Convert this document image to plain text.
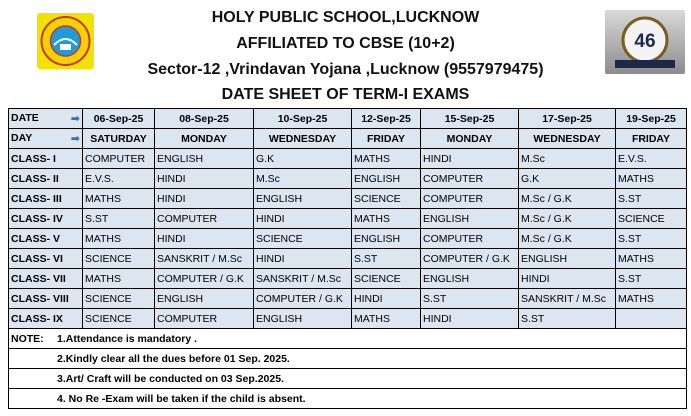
46
HOLY PUBLIC SCHOOL,LUCKNOW
AFFILIATED TO CBSE (10+2)
Sector-12 ,Vrindavan Yojana ,Lucknow (9557979475)
DATE SHEET OF TERM-I EXAMS
DATE ➡	06-Sep-25	08-Sep-25	10-Sep-25	12-Sep-25	15-Sep-25	17-Sep-25	19-Sep-25
DAY ➡	SATURDAY	MONDAY	WEDNESDAY	FRIDAY	MONDAY	WEDNESDAY	FRIDAY
CLASS- I	COMPUTER	ENGLISH	G.K	MATHS	HINDI	M.Sc	E.V.S.
CLASS- II	E.V.S.	HINDI	M.Sc	ENGLISH	COMPUTER	G.K	MATHS
CLASS- III	MATHS	HINDI	ENGLISH	SCIENCE	COMPUTER	M.Sc / G.K	S.ST
CLASS- IV	S.ST	COMPUTER	HINDI	MATHS	ENGLISH	M.Sc / G.K	SCIENCE
CLASS- V	MATHS	HINDI	SCIENCE	ENGLISH	COMPUTER	M.Sc / G.K	S.ST
CLASS- VI	SCIENCE	SANSKRIT / M.Sc	HINDI	S.ST	COMPUTER / G.K	ENGLISH	MATHS
CLASS- VII	MATHS	COMPUTER / G.K	SANSKRIT / M.Sc	SCIENCE	ENGLISH	HINDI	S.ST
CLASS- VIII	SCIENCE	ENGLISH	COMPUTER / G.K	HINDI	S.ST	SANSKRIT / M.Sc	MATHS
CLASS- IX	SCIENCE	COMPUTER	ENGLISH	MATHS	HINDI	S.ST	
NOTE: 1.Attendance is mandatory .							
2.Kindly clear all the dues before 01 Sep. 2025.							
3.Art/ Craft will be conducted on 03 Sep.2025.							
4. No Re -Exam will be taken if the child is absent.							
